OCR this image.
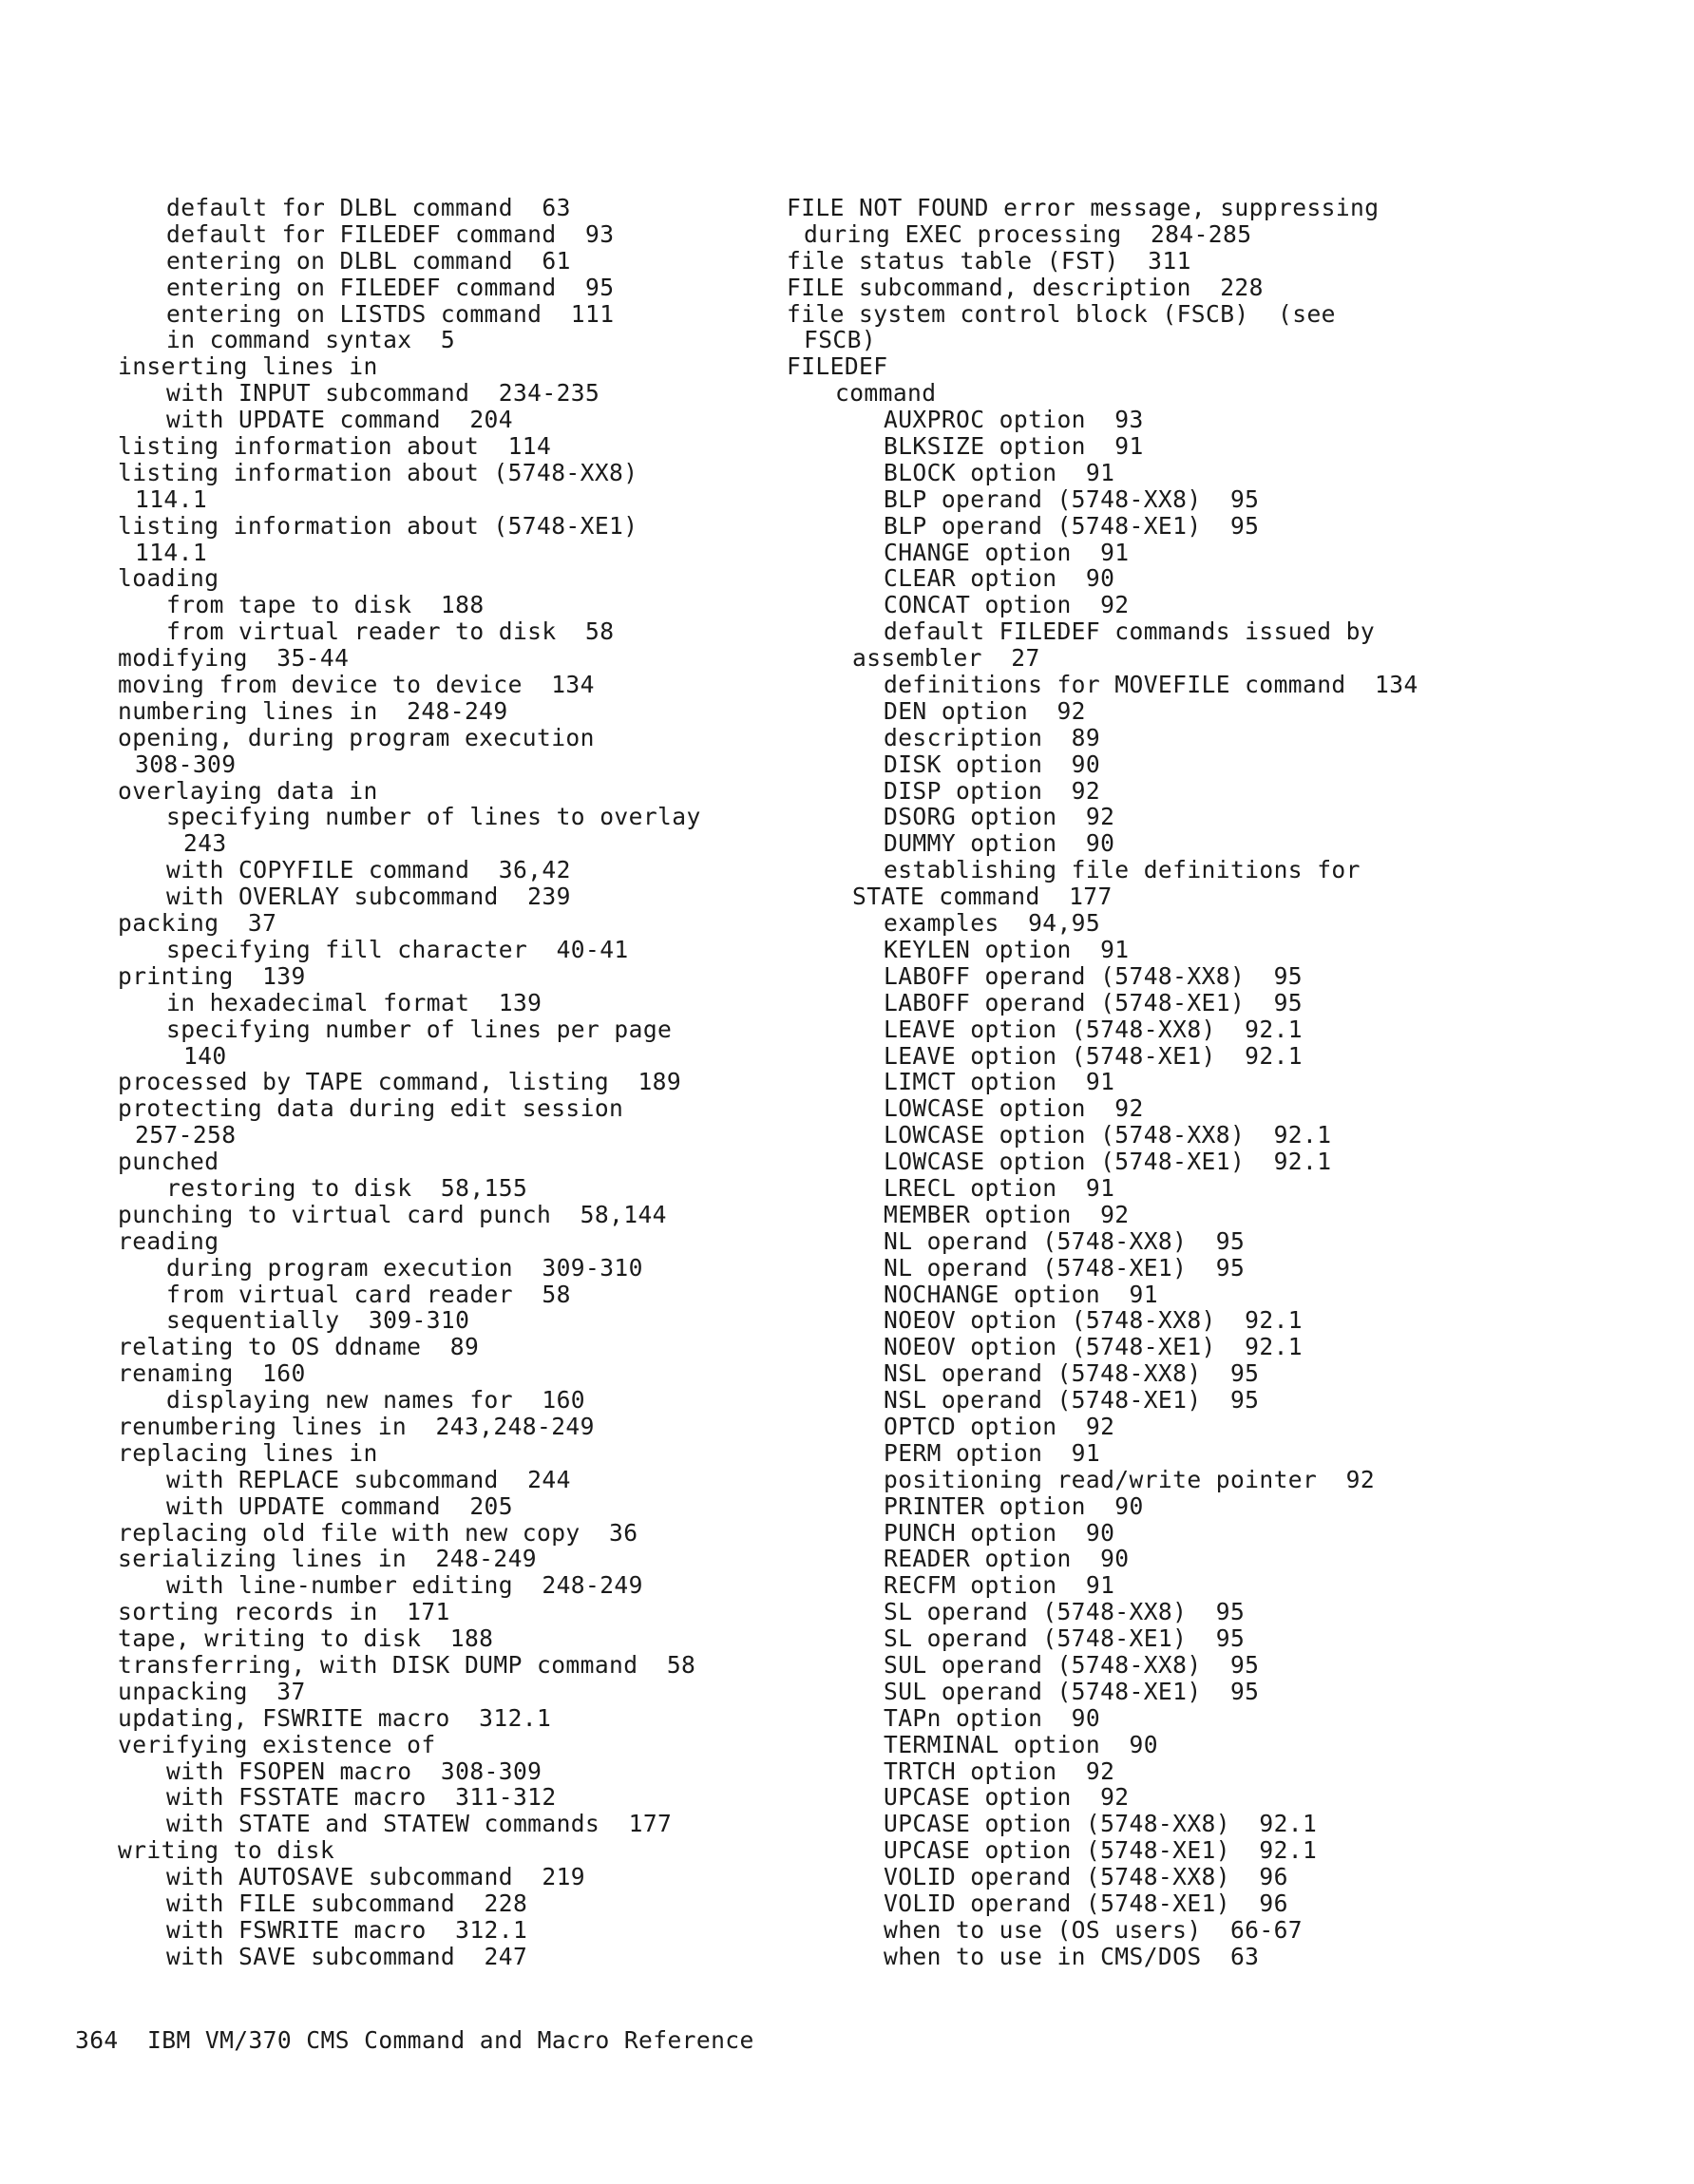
default for DLBL command  63
default for FILEDEF command  93
entering on DLBL command  61
entering on FILEDEF command  95
entering on LISTDS command  111
in command syntax  5
inserting lines in
with INPUT subcommand  234-235
with UPDATE command  204
listing information about  114
listing information about (5748-XX8)
114.1
listing information about (5748-XE1)
114.1
loading
from tape to disk  188
from virtual reader to disk  58
modifying  35-44
moving from device to device  134
numbering lines in  248-249
opening, during program execution
308-309
overlaying data in
specifying number of lines to overlay
243
with COPYFILE command  36,42
with OVERLAY subcommand  239
packing  37
specifying fill character  40-41
printing  139
in hexadecimal format  139
specifying number of lines per page
140
processed by TAPE command, listing  189
protecting data during edit session
257-258
punched
restoring to disk  58,155
punching to virtual card punch  58,144
reading
during program execution  309-310
from virtual card reader  58
sequentially  309-310
relating to OS ddname  89
renaming  160
displaying new names for  160
renumbering lines in  243,248-249
replacing lines in
with REPLACE subcommand  244
with UPDATE command  205
replacing old file with new copy  36
serializing lines in  248-249
with line-number editing  248-249
sorting records in  171
tape, writing to disk  188
transferring, with DISK DUMP command  58
unpacking  37
updating, FSWRITE macro  312.1
verifying existence of
with FSOPEN macro  308-309
with FSSTATE macro  311-312
with STATE and STATEW commands  177
writing to disk
with AUTOSAVE subcommand  219
with FILE subcommand  228
with FSWRITE macro  312.1
with SAVE subcommand  247
FILE NOT FOUND error message, suppressing
during EXEC processing  284-285
file status table (FST)  311
FILE subcommand, description  228
file system control block (FSCB)  (see
FSCB)
FILEDEF
command
AUXPROC option  93
BLKSIZE option  91
BLOCK option  91
BLP operand (5748-XX8)  95
BLP operand (5748-XE1)  95
CHANGE option  91
CLEAR option  90
CONCAT option  92
default FILEDEF commands issued by
assembler  27
definitions for MOVEFILE command  134
DEN option  92
description  89
DISK option  90
DISP option  92
DSORG option  92
DUMMY option  90
establishing file definitions for
STATE command  177
examples  94,95
KEYLEN option  91
LABOFF operand (5748-XX8)  95
LABOFF operand (5748-XE1)  95
LEAVE option (5748-XX8)  92.1
LEAVE option (5748-XE1)  92.1
LIMCT option  91
LOWCASE option  92
LOWCASE option (5748-XX8)  92.1
LOWCASE option (5748-XE1)  92.1
LRECL option  91
MEMBER option  92
NL operand (5748-XX8)  95
NL operand (5748-XE1)  95
NOCHANGE option  91
NOEOV option (5748-XX8)  92.1
NOEOV option (5748-XE1)  92.1
NSL operand (5748-XX8)  95
NSL operand (5748-XE1)  95
OPTCD option  92
PERM option  91
positioning read/write pointer  92
PRINTER option  90
PUNCH option  90
READER option  90
RECFM option  91
SL operand (5748-XX8)  95
SL operand (5748-XE1)  95
SUL operand (5748-XX8)  95
SUL operand (5748-XE1)  95
TAPn option  90
TERMINAL option  90
TRTCH option  92
UPCASE option  92
UPCASE option (5748-XX8)  92.1
UPCASE option (5748-XE1)  92.1
VOLID operand (5748-XX8)  96
VOLID operand (5748-XE1)  96
when to use (OS users)  66-67
when to use in CMS/DOS  63
364  IBM VM/370 CMS Command and Macro Reference
